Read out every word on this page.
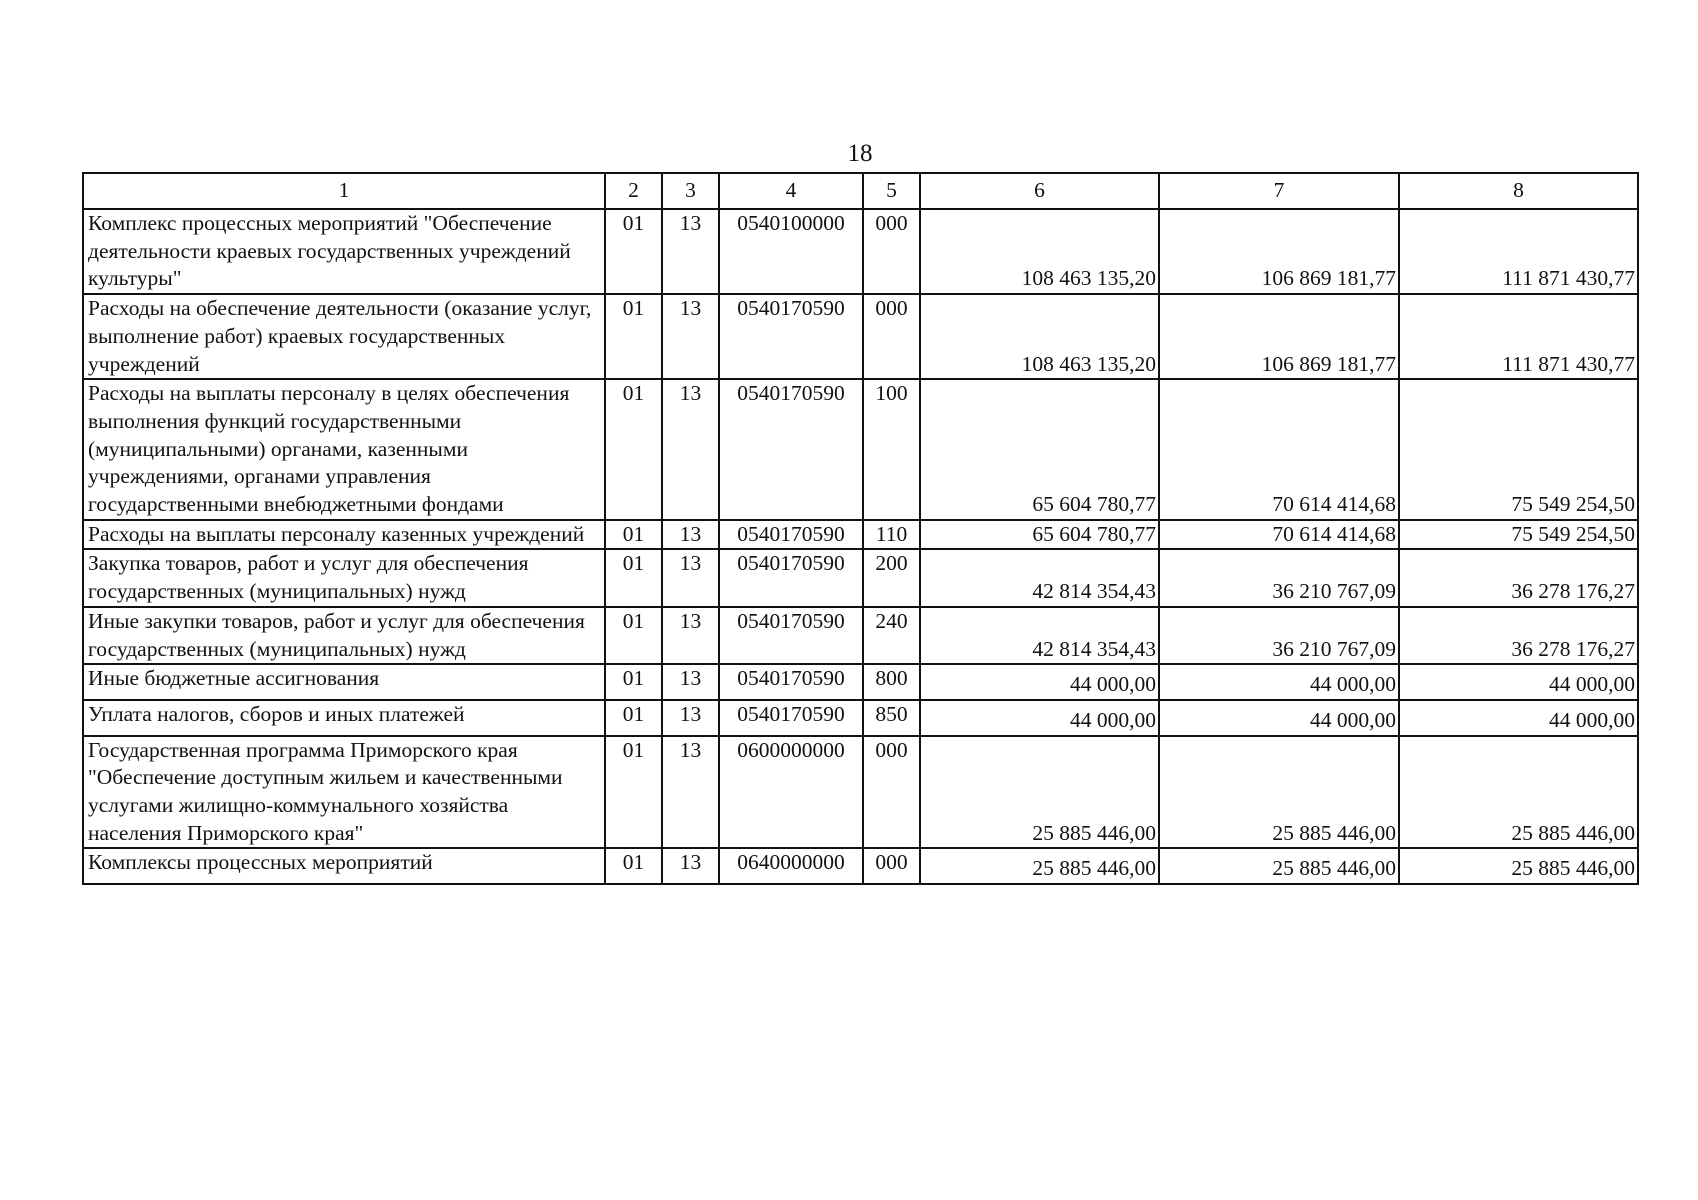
18
1	2	3	4	5	6	7	8
Комплекс процессных мероприятий "Обеспечение деятельности краевых государственных учреждений культуры"	01	13	0540100000	000	108 463 135,20	106 869 181,77	111 871 430,77
Расходы на обеспечение деятельности (оказание услуг, выполнение работ) краевых государственных учреждений	01	13	0540170590	000	108 463 135,20	106 869 181,77	111 871 430,77
Расходы на выплаты персоналу в целях обеспечения выполнения функций государственными (муниципальными) органами, казенными учреждениями, органами управления государственными внебюджетными фондами	01	13	0540170590	100	65 604 780,77	70 614 414,68	75 549 254,50
Расходы на выплаты персоналу казенных учреждений	01	13	0540170590	110	65 604 780,77	70 614 414,68	75 549 254,50
Закупка товаров, работ и услуг для обеспечения государственных (муниципальных) нужд	01	13	0540170590	200	42 814 354,43	36 210 767,09	36 278 176,27
Иные закупки товаров, работ и услуг для обеспечения государственных (муниципальных) нужд	01	13	0540170590	240	42 814 354,43	36 210 767,09	36 278 176,27
Иные бюджетные ассигнования	01	13	0540170590	800	44 000,00	44 000,00	44 000,00
Уплата налогов, сборов и иных платежей	01	13	0540170590	850	44 000,00	44 000,00	44 000,00
Государственная программа Приморского края "Обеспечение доступным жильем и качественными услугами жилищно-коммунального хозяйства населения Приморского края"	01	13	0600000000	000	25 885 446,00	25 885 446,00	25 885 446,00
Комплексы процессных мероприятий	01	13	0640000000	000	25 885 446,00	25 885 446,00	25 885 446,00
